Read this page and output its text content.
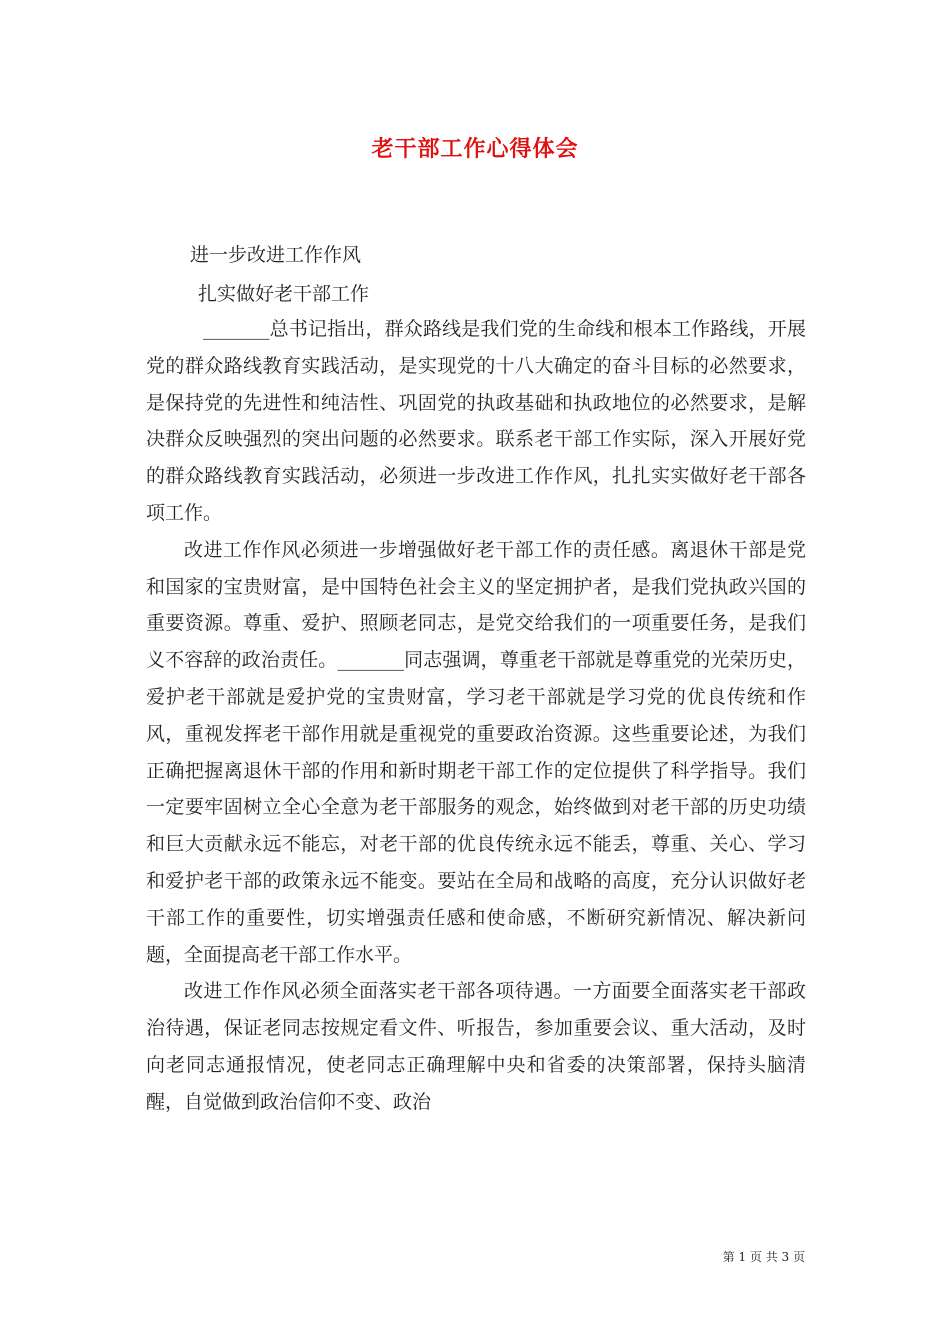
老干部工作心得体会
进一步改进工作作风
扎实做好老干部工作

_______总书记指出，群众路线是我们党的生命线和根本工作路线，开展党的群众路线教育实践活动，是实现党的十八大确定的奋斗目标的必然要求，是保持党的先进性和纯洁性、巩固党的执政基础和执政地位的必然要求，是解决群众反映强烈的突出问题的必然要求。联系老干部工作实际，深入开展好党的群众路线教育实践活动，必须进一步改进工作作风，扎扎实实做好老干部各项工作。

改进工作作风必须进一步增强做好老干部工作的责任感。离退休干部是党和国家的宝贵财富，是中国特色社会主义的坚定拥护者，是我们党执政兴国的重要资源。尊重、爱护、照顾老同志，是党交给我们的一项重要任务，是我们义不容辞的政治责任。_______同志强调，尊重老干部就是尊重党的光荣历史，爱护老干部就是爱护党的宝贵财富，学习老干部就是学习党的优良传统和作风，重视发挥老干部作用就是重视党的重要政治资源。这些重要论述，为我们正确把握离退休干部的作用和新时期老干部工作的定位提供了科学指导。我们一定要牢固树立全心全意为老干部服务的观念，始终做到对老干部的历史功绩和巨大贡献永远不能忘，对老干部的优良传统永远不能丢，尊重、关心、学习和爱护老干部的政策永远不能变。要站在全局和战略的高度，充分认识做好老干部工作的重要性，切实增强责任感和使命感，不断研究新情况、解决新问题，全面提高老干部工作水平。

改进工作作风必须全面落实老干部各项待遇。一方面要全面落实老干部政治待遇，保证老同志按规定看文件、听报告，参加重要会议、重大活动，及时向老同志通报情况，使老同志正确理解中央和省委的决策部署，保持头脑清醒，自觉做到政治信仰不变、政治

第 1 页 共 3 页
